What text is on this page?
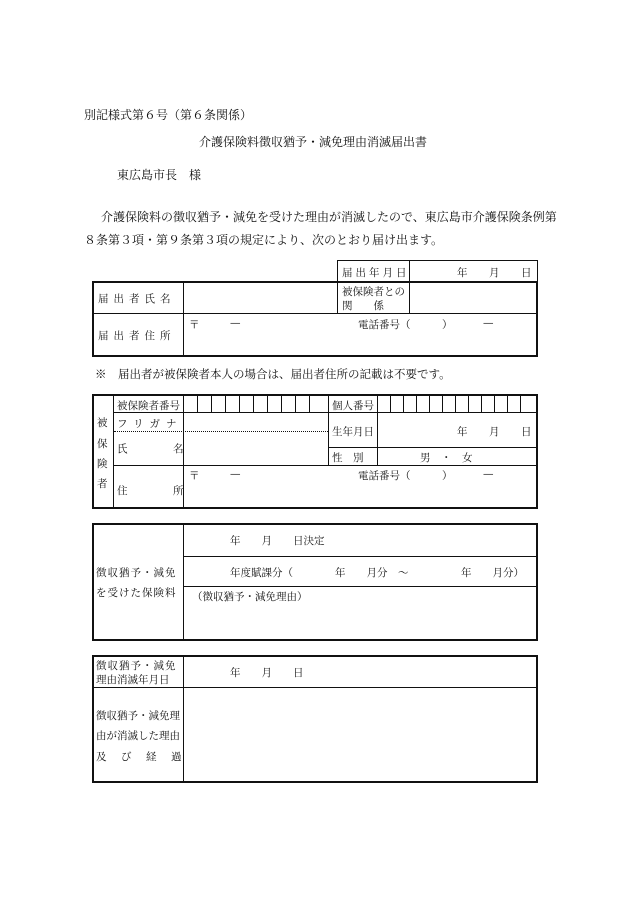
別記様式第６号（第６条関係）
介護保険料徴収猶予・減免理由消滅届出書
東広島市長　様
介護保険料の徴収猶予・減免を受けた理由が消滅したので、東広島市介護保険条例第
８条第３項・第９条第３項の規定により、次のとおり届け出ます。
届出年月日	年 月 日
届出者氏名
被保険者との
関　　係
届出者住所
〒	—	電話番号（　　　）	—
※　届出者が被保険者本人の場合は、届出者住所の記載は不要です。
被
保
険
者
被保険者番号	個人番号
フリガナ
氏	名
生年月日	年 月 日
性　別	男　・　女
住	所
〒	—	電話番号（　　　）	—
徴収猶予・減免
を受けた保険料
年　　月　　日決定
年度賦課分（　　　　年　　月分　～　　　　　年　　月分）
（徴収猶予・減免理由）
徴収猶予・減免
理由消滅年月日
年　　月　　日
徴収猶予・減免理
由が消滅した理由
及　び　経　過
